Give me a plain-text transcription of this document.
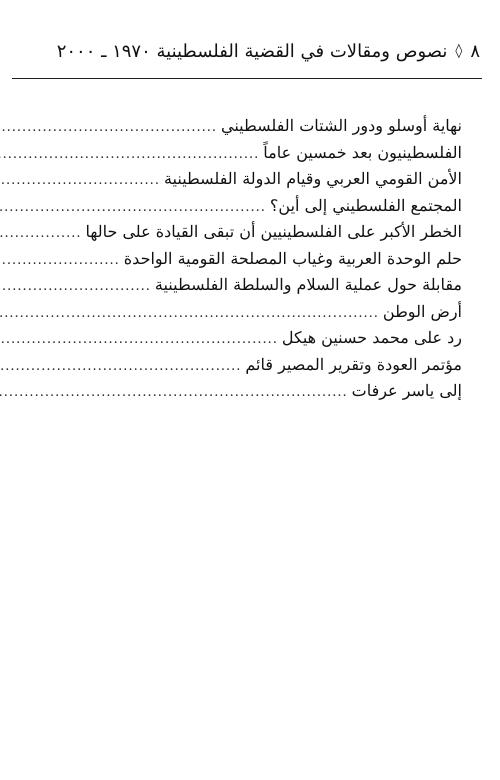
٨
◊
نصوص ومقالات في القضية الفلسطينية ١٩٧٠ ـ ٢٠٠٠
نهاية أوسلو ودور الشتات الفلسطيني
.....
الفلسطينيون بعد خمسين عاماً
.....
الأمن القومي العربي وقيام الدولة الفلسطينية
.....
المجتمع الفلسطيني إلى أين؟
.....
الخطر الأكبر على الفلسطينيين أن تبقى القيادة على حالها
.....
حلم الوحدة العربية وغياب المصلحة القومية الواحدة
.....
مقابلة حول عملية السلام والسلطة الفلسطينية
.....
أرض الوطن
.....
رد على محمد حسنين هيكل
.....
مؤتمر العودة وتقرير المصير قائم
.....
إلى ياسر عرفات
.....
